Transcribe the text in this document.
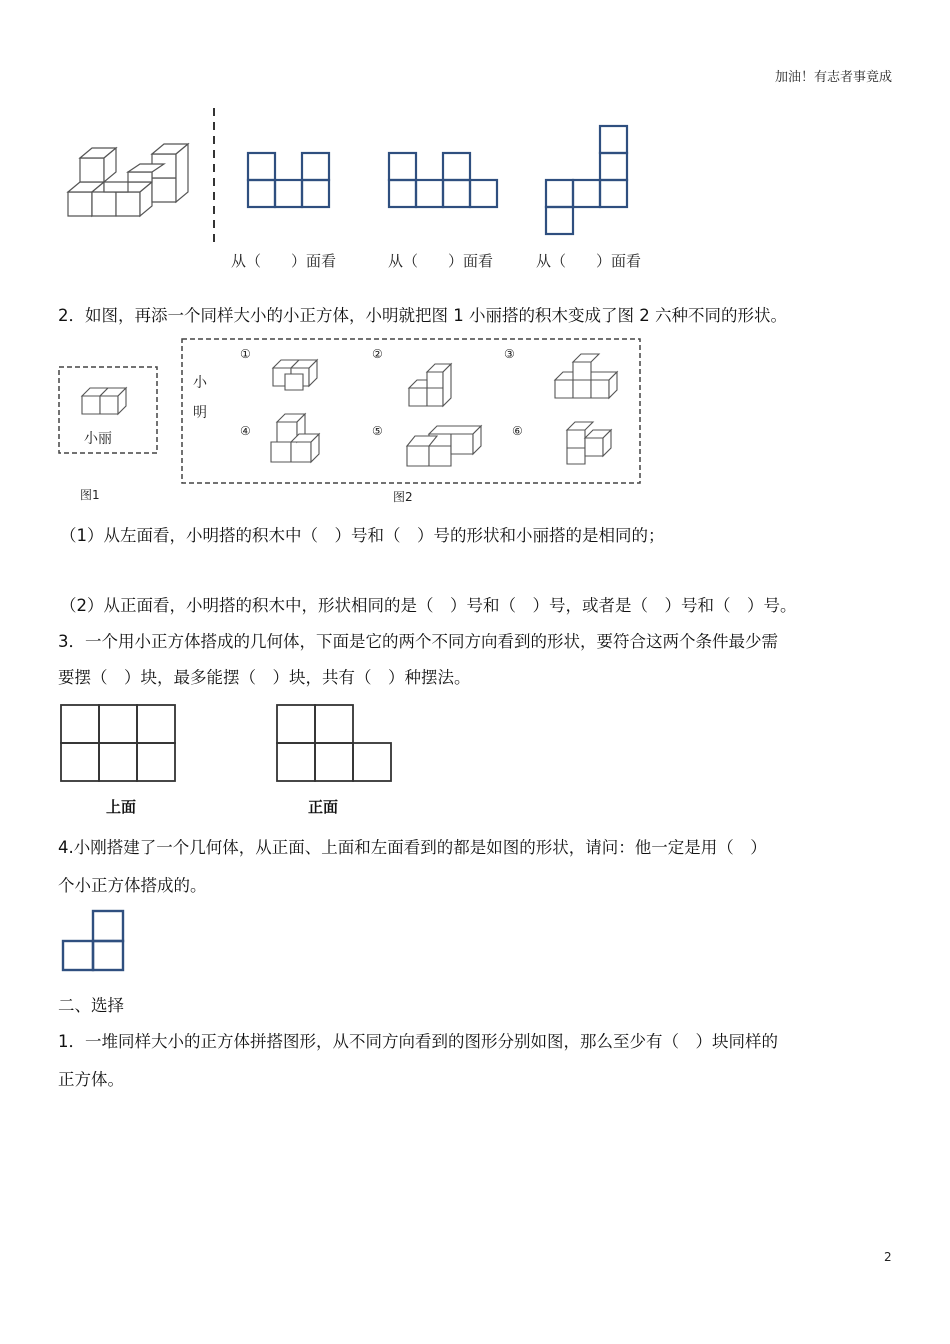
加油！有志者事竟成
从（　　）面看	从（　　）面看	从（　　）面看
2．如图，再添一个同样大小的小正方体，小明就把图 1 小丽搭的积木变成了图 2 六种不同的形状。
小丽
小
明
①	②	③
④	⑤	⑥
图1	图2
（1）从左面看，小明搭的积木中（　）号和（　）号的形状和小丽搭的是相同的；
（2）从正面看，小明搭的积木中，形状相同的是（　）号和（　）号，或者是（　）号和（　）号。
3．一个用小正方体搭成的几何体，下面是它的两个不同方向看到的形状，要符合这两个条件最少需
要摆（　）块，最多能摆（　）块，共有（　）种摆法。
上面	正面
4.小刚搭建了一个几何体，从正面、上面和左面看到的都是如图的形状，请问：他一定是用（　）
个小正方体搭成的。
二、选择
1．一堆同样大小的正方体拼搭图形，从不同方向看到的图形分别如图，那么至少有（　）块同样的
正方体。
2
